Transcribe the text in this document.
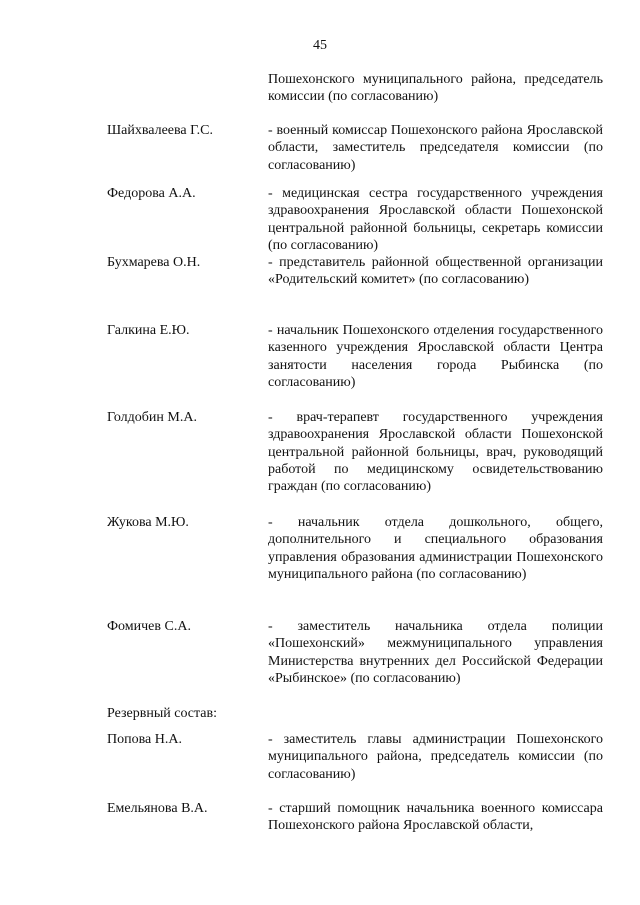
45
Пошехонского муниципального района, председатель комиссии (по согласованию)
Шайхвалеева Г.С.	- военный комиссар Пошехонского района Ярославской области, заместитель председателя комиссии (по согласованию)
Федорова А.А.	- медицинская сестра государственного учреждения здравоохранения Ярославской области Пошехонской центральной районной больницы, секретарь комиссии (по согласованию)
Бухмарева О.Н.	- представитель районной общественной организации «Родительский комитет» (по согласованию)
Галкина Е.Ю.	- начальник Пошехонского отделения государственного казенного учреждения Ярославской области Центра занятости населения города Рыбинска (по согласованию)
Голдобин М.А.	- врач-терапевт государственного учреждения здравоохранения Ярославской области Пошехонской центральной районной больницы, врач, руководящий работой по медицинскому освидетельствованию граждан (по согласованию)
Жукова М.Ю.	- начальник отдела дошкольного, общего, дополнительного и специального образования управления образования администрации Пошехонского муниципального района (по согласованию)
Фомичев С.А.	- заместитель начальника отдела полиции «Пошехонский» межмуниципального управления Министерства внутренних дел Российской Федерации «Рыбинское» (по согласованию)
Резервный состав:
Попова Н.А.	- заместитель главы администрации Пошехонского муниципального района, председатель комиссии (по согласованию)
Емельянова В.А.	- старший помощник начальника военного комиссара Пошехонского района Ярославской области,
